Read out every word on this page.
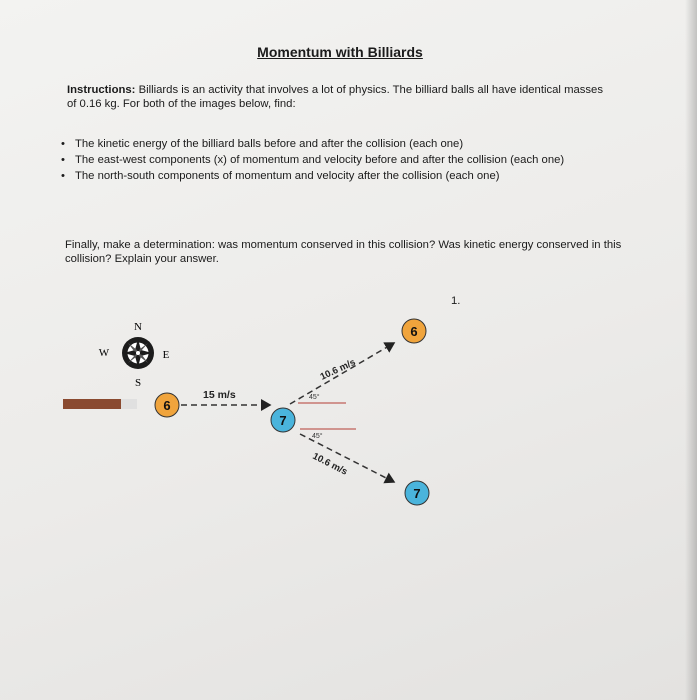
Momentum with Billiards
Instructions: Billiards is an activity that involves a lot of physics. The billiard balls all have identical masses of 0.16 kg. For both of the images below, find:
• The kinetic energy of the billiard balls before and after the collision (each one)
• The east-west components (x) of momentum and velocity before and after the collision (each one)
• The north-south components of momentum and velocity after the collision (each one)
Finally, make a determination: was momentum conserved in this collision? Was kinetic energy conserved in this collision? Explain your answer.
1.
N
S
E
W
6
15 m/s
7
10.6 m/s
45°
6
10.6 m/s
45°
7
